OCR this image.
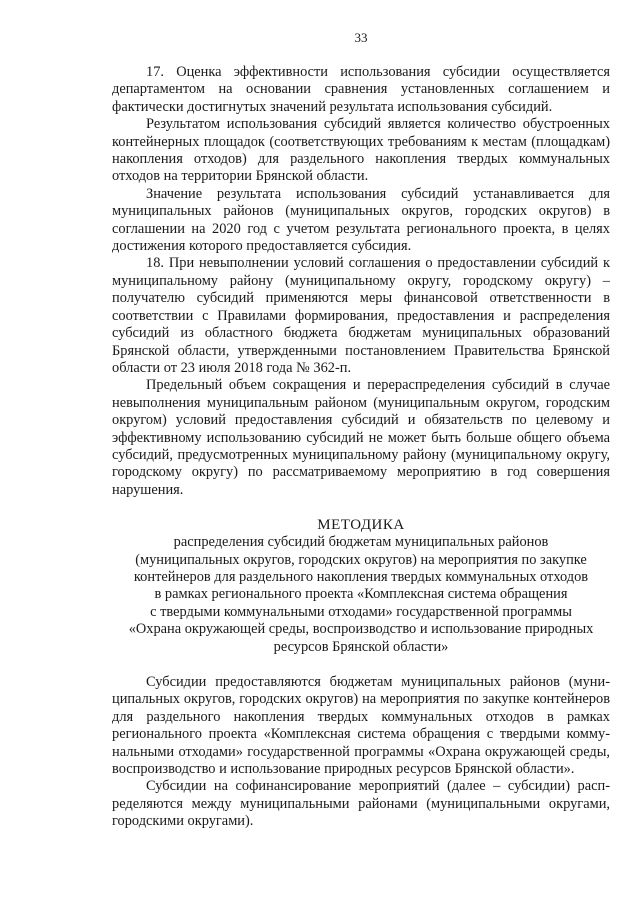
33

17. Оценка эффективности использования субсидии осуществляется департаментом на основании сравнения установленных соглашением и фактически достигнутых значений результата использования субсидий.

Результатом использования субсидий является количество обустроенных контейнерных площадок (соответствующих требованиям к местам (площадкам) накопления отходов) для раздельного накопления твердых коммунальных отходов на территории Брянской области.

Значение результата использования субсидий устанавливается для муниципальных районов (муниципальных округов, городских округов) в соглашении на 2020 год с учетом результата регионального проекта, в целях достижения которого предоставляется субсидия.

18. При невыполнении условий соглашения о предоставлении субсидий к муниципальному району (муниципальному округу, городскому округу) – получателю субсидий применяются меры финансовой ответственности в соответствии с Правилами формирования, предоставления и распределения субсидий из областного бюджета бюджетам муниципальных образований Брянской области, утвержденными постановлением Правительства Брянской области от 23 июля 2018 года № 362-п.

Предельный объем сокращения и перераспределения субсидий в случае невыполнения муниципальным районом (муниципальным округом, городским округом) условий предоставления субсидий и обязательств по целевому и эффективному использованию субсидий не может быть больше общего объема субсидий, предусмотренных муниципальному району (муниципальному округу, городскому округу) по рассматриваемому мероприятию в год совершения нарушения.

МЕТОДИКА
распределения субсидий бюджетам муниципальных районов
(муниципальных округов, городских округов) на мероприятия по закупке
контейнеров для раздельного накопления твердых коммунальных отходов
в рамках регионального проекта «Комплексная система обращения
с твердыми коммунальными отходами» государственной программы
«Охрана окружающей среды, воспроизводство и использование природных
ресурсов Брянской области»

Субсидии предоставляются бюджетам муниципальных районов (муниципальных округов, городских округов) на мероприятия по закупке контейнеров для раздельного накопления твердых коммунальных отходов в рамках регионального проекта «Комплексная система обращения с твердыми коммунальными отходами» государственной программы «Охрана окружающей среды, воспроизводство и использование природных ресурсов Брянской области».

Субсидии на софинансирование мероприятий (далее – субсидии) распределяются между муниципальными районами (муниципальными округами, городскими округами).
